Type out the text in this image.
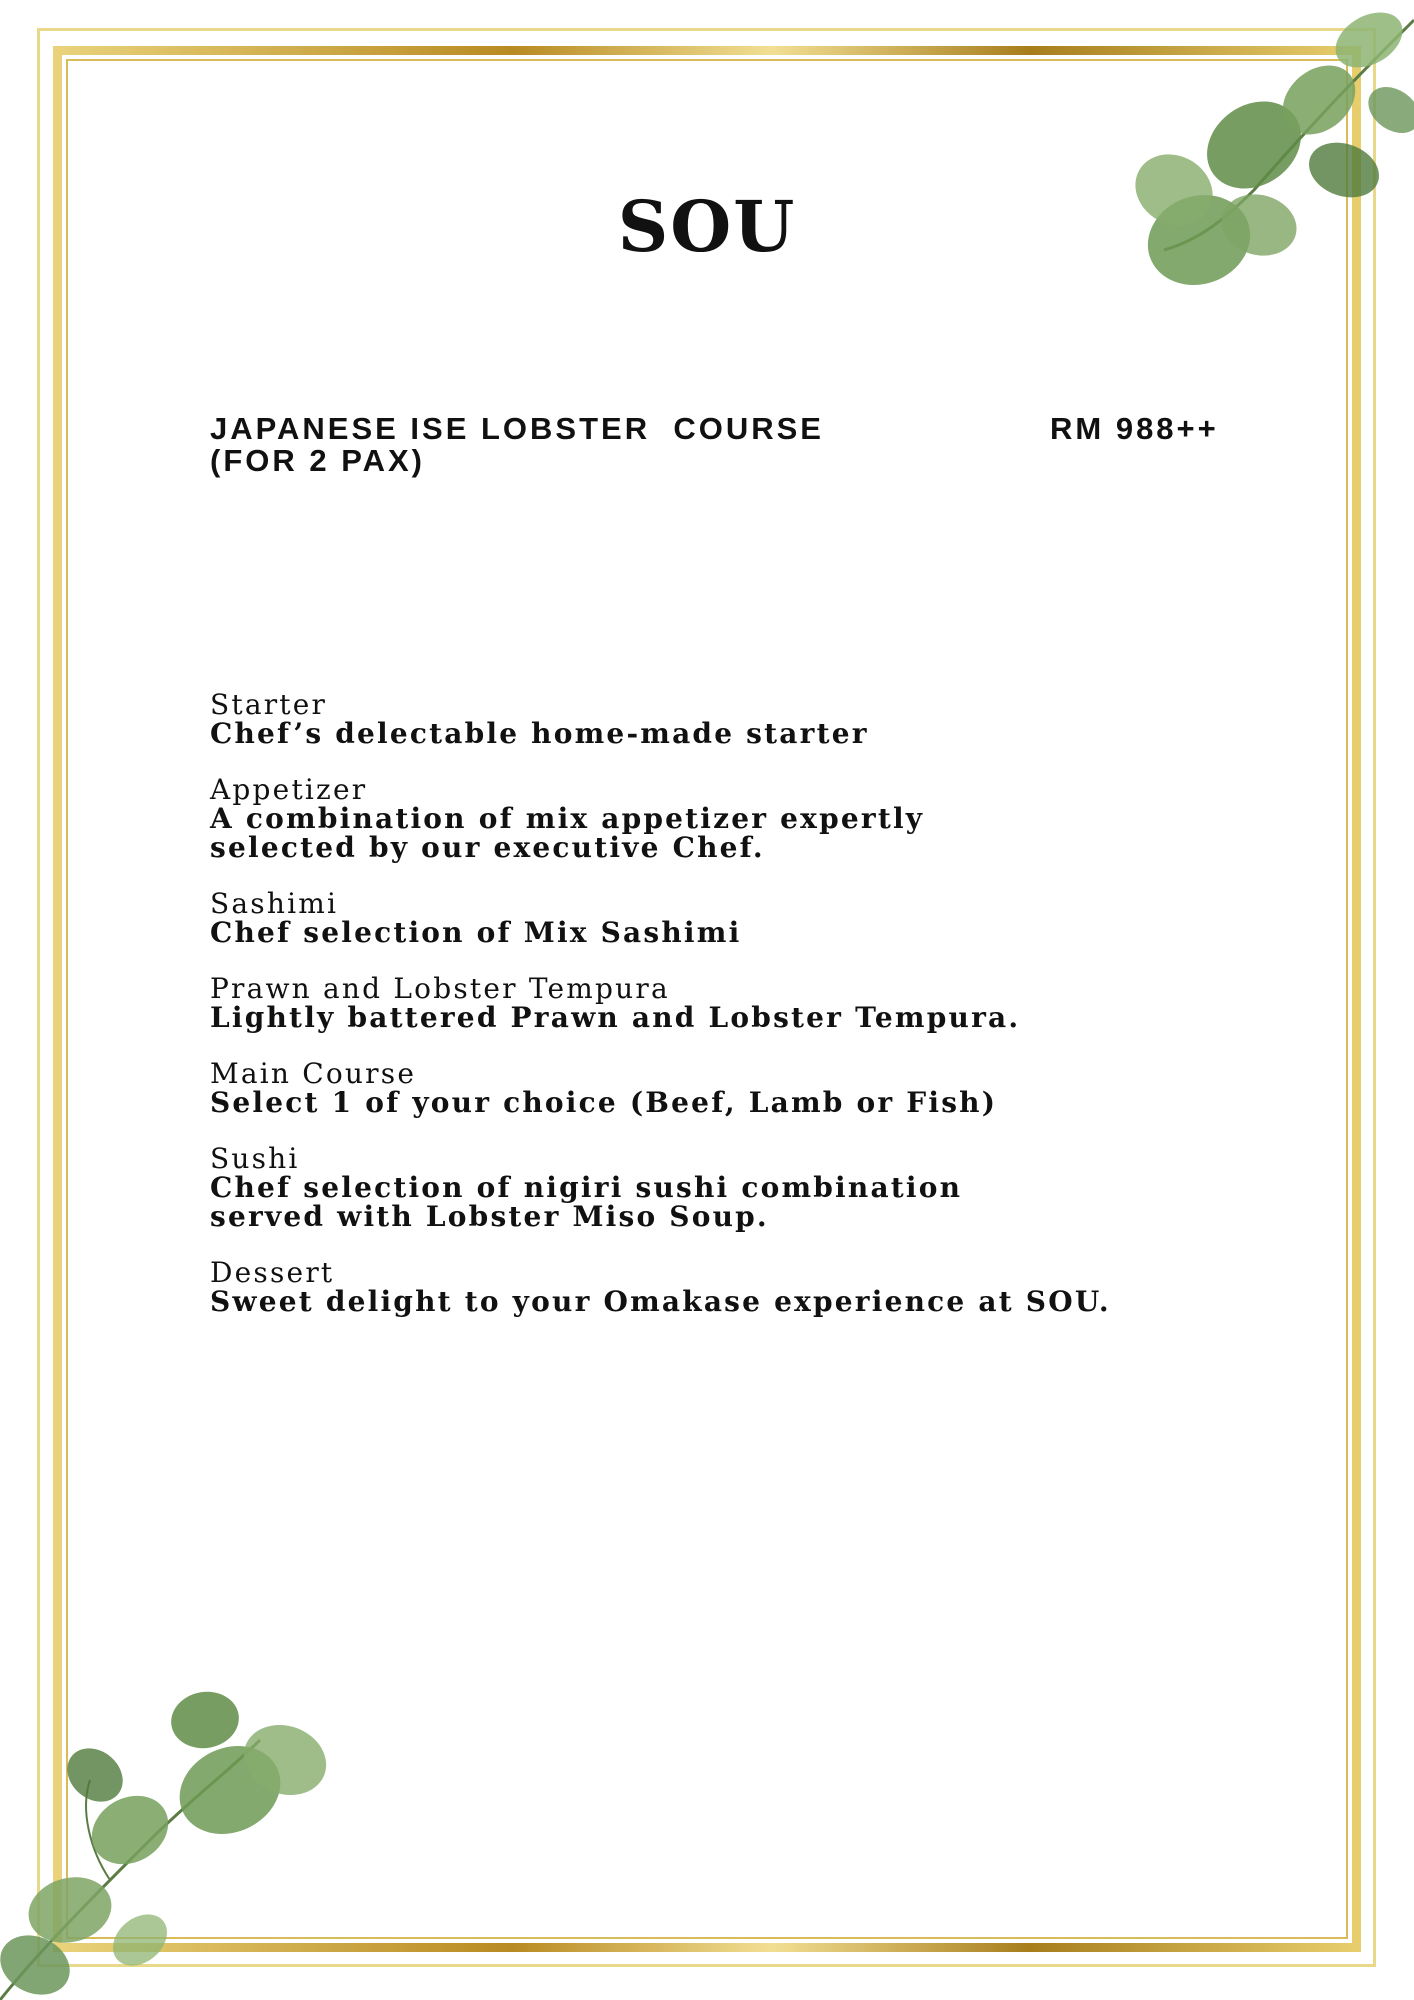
SOU
JAPANESE ISE LOBSTER  COURSE
(FOR 2 PAX)
RM 988++
Starter
Chef’s delectable home-made starter
Appetizer
A combination of mix appetizer expertly
selected by our executive Chef.
Sashimi
Chef selection of Mix Sashimi
Prawn and Lobster Tempura
Lightly battered Prawn and Lobster Tempura.
Main Course
Select 1 of your choice (Beef, Lamb or Fish)
Sushi
Chef selection of nigiri sushi combination
served with Lobster Miso Soup.
Dessert
Sweet delight to your Omakase experience at SOU.
